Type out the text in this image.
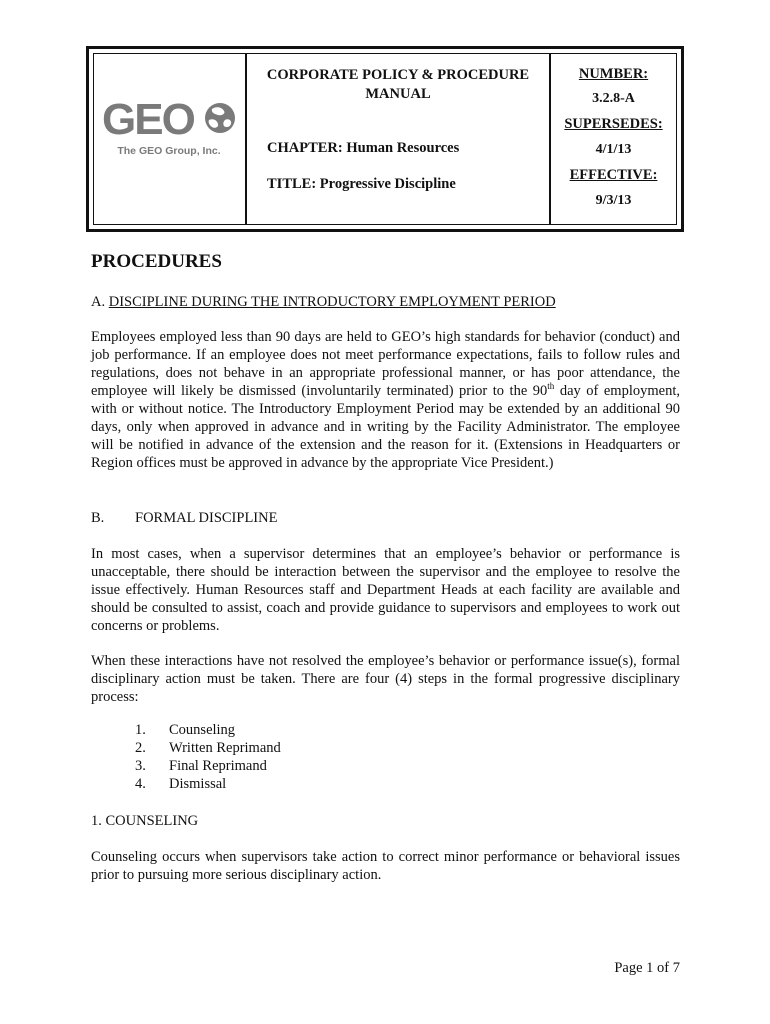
GEO
The GEO Group, Inc.
CORPORATE POLICY & PROCEDURE MANUAL
CHAPTER: Human Resources
TITLE: Progressive Discipline
NUMBER:
3.2.8-A
SUPERSEDES:
4/1/13
EFFECTIVE:
9/3/13
PROCEDURES
A. DISCIPLINE DURING THE INTRODUCTORY EMPLOYMENT PERIOD
Employees employed less than 90 days are held to GEO’s high standards for behavior (conduct) and job performance. If an employee does not meet performance expectations, fails to follow rules and regulations, does not behave in an appropriate professional manner, or has poor attendance, the employee will likely be dismissed (involuntarily terminated) prior to the 90th day of employment, with or without notice. The Introductory Employment Period may be extended by an additional 90 days, only when approved in advance and in writing by the Facility Administrator. The employee will be notified in advance of the extension and the reason for it. (Extensions in Headquarters or Region offices must be approved in advance by the appropriate Vice President.)
B. FORMAL DISCIPLINE
In most cases, when a supervisor determines that an employee’s behavior or performance is unacceptable, there should be interaction between the supervisor and the employee to resolve the issue effectively. Human Resources staff and Department Heads at each facility are available and should be consulted to assist, coach and provide guidance to supervisors and employees to work out concerns or problems.
When these interactions have not resolved the employee’s behavior or performance issue(s), formal disciplinary action must be taken. There are four (4) steps in the formal progressive disciplinary process:
1.	Counseling
2.	Written Reprimand
3.	Final Reprimand
4.	Dismissal
1. COUNSELING
Counseling occurs when supervisors take action to correct minor performance or behavioral issues prior to pursuing more serious disciplinary action.
Page 1 of 7
